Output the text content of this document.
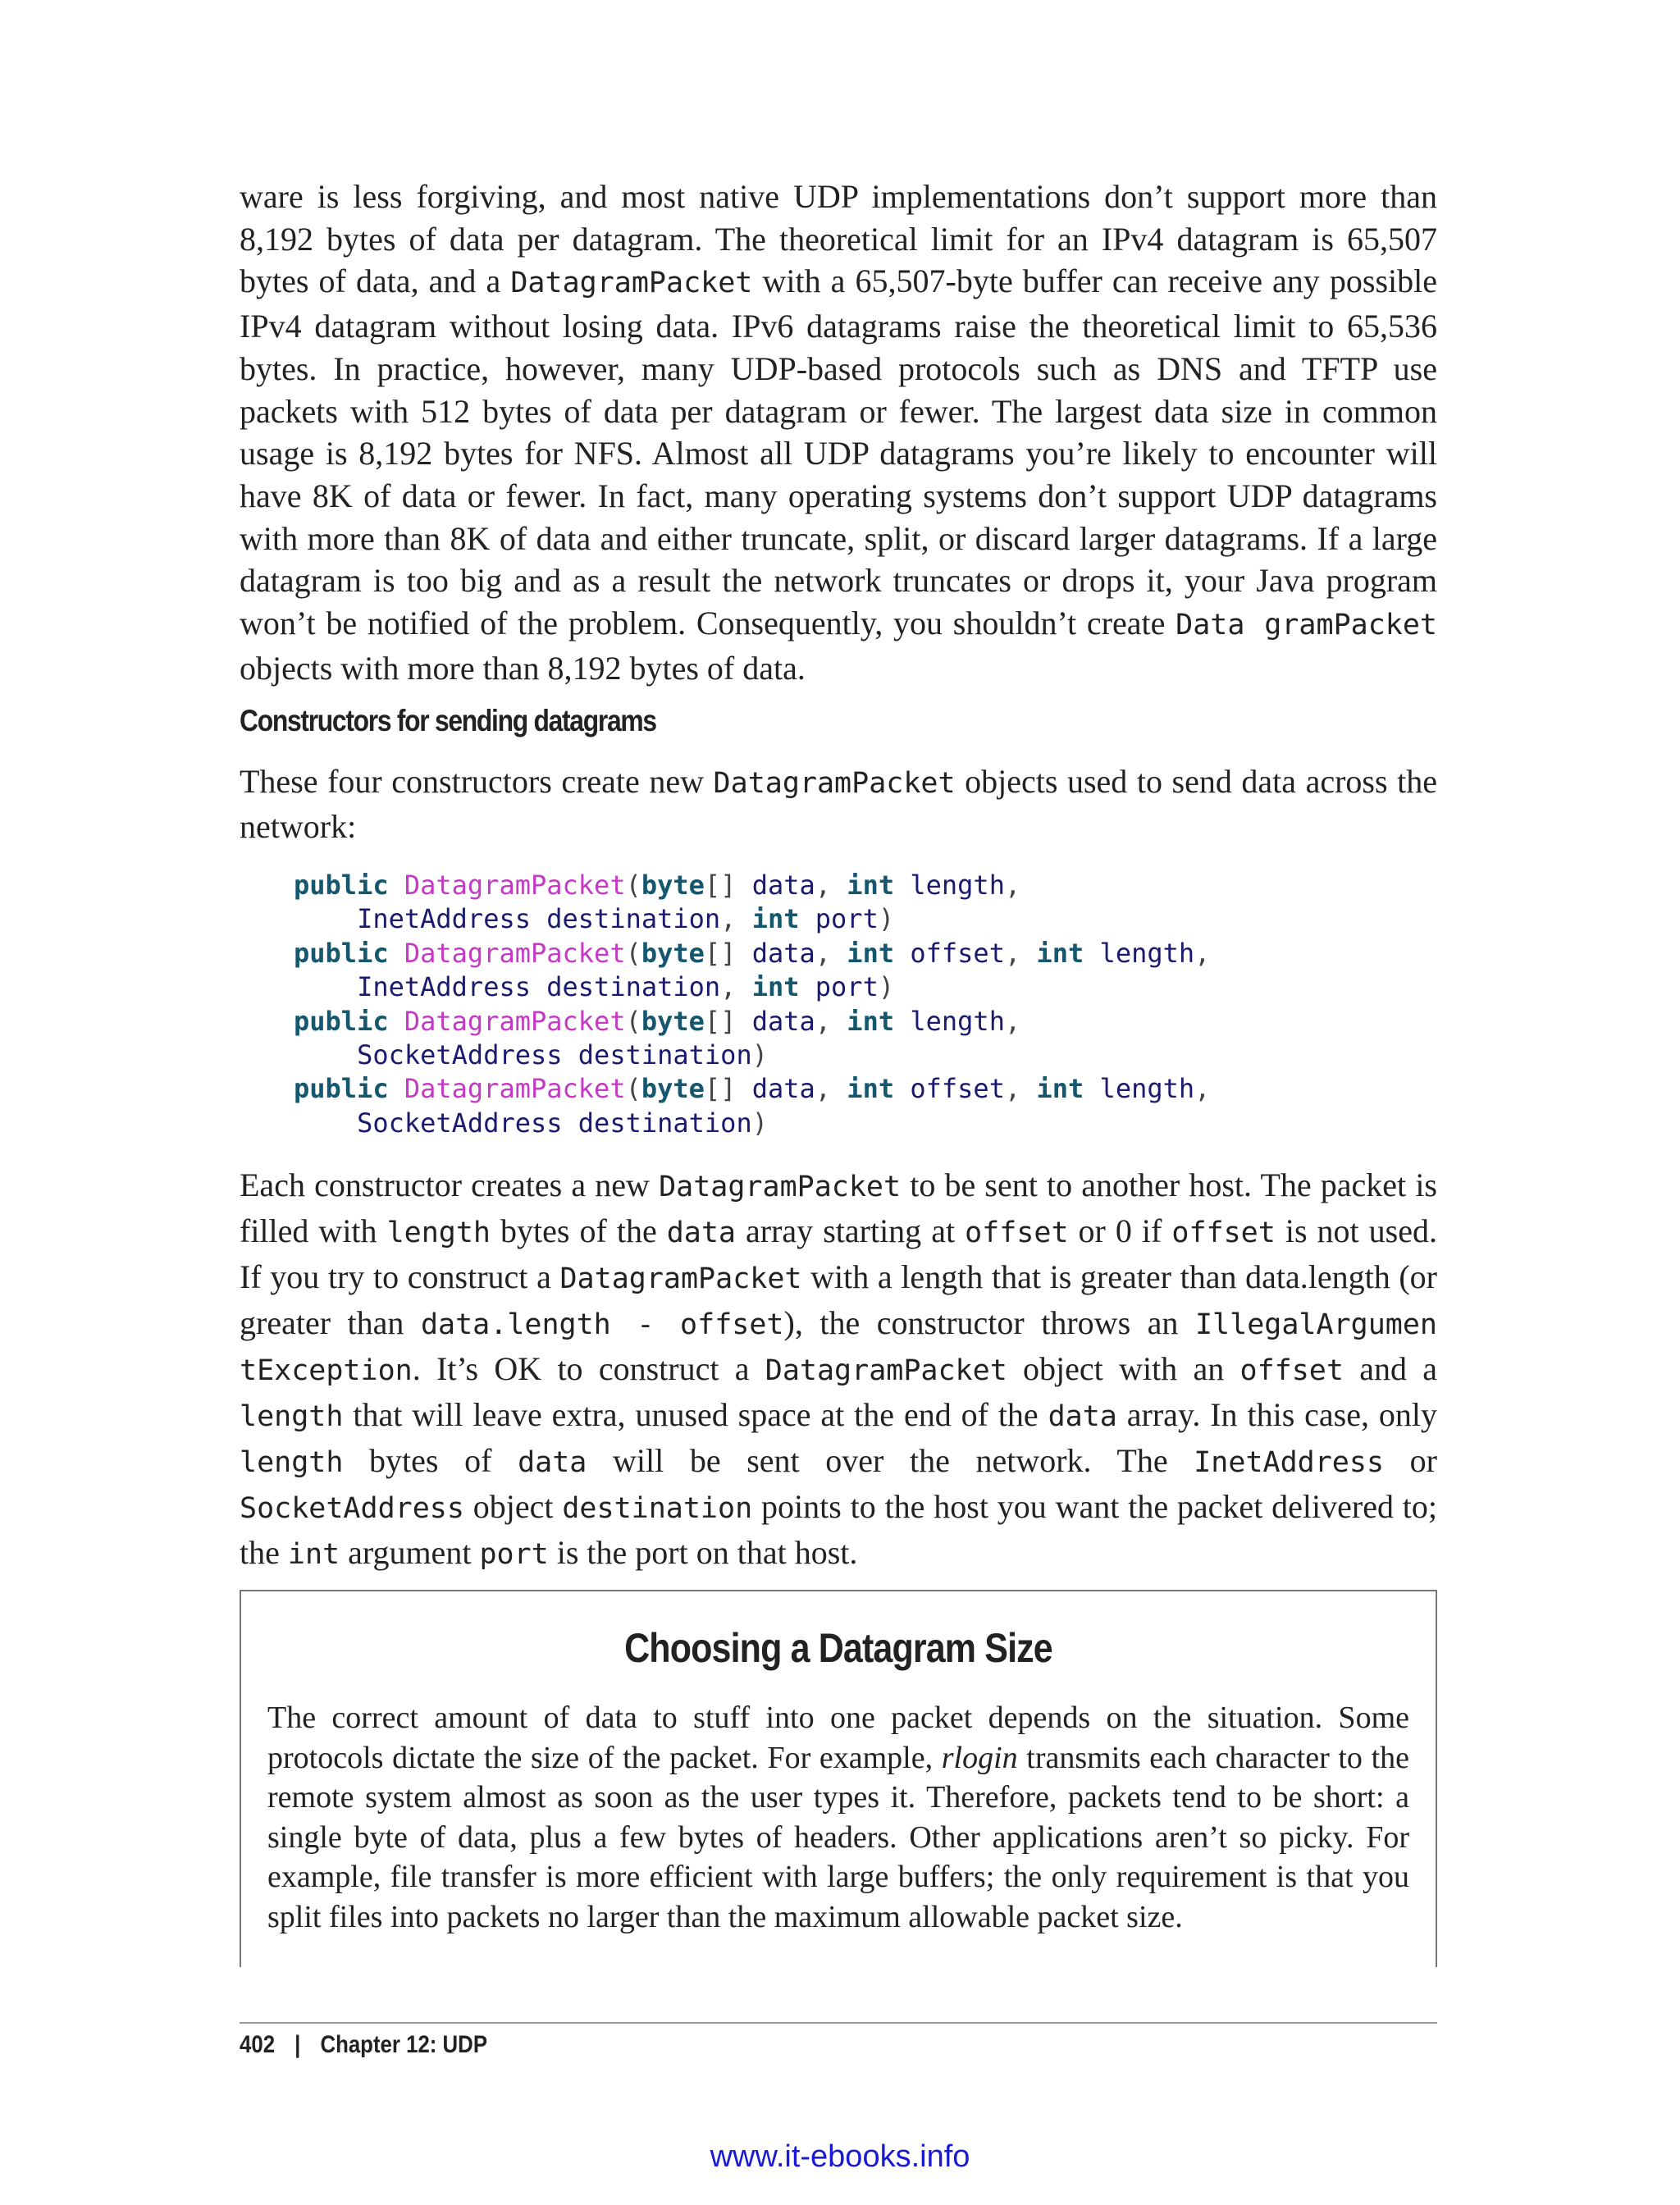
ware is less forgiving, and most native UDP implementations don’t support more than 8,192 bytes of data per datagram. The theoretical limit for an IPv4 datagram is 65,507 bytes of data, and a DatagramPacket with a 65,507-byte buffer can receive any possible IPv4 datagram without losing data. IPv6 datagrams raise the theoretical limit to 65,536 bytes. In practice, however, many UDP-based protocols such as DNS and TFTP use packets with 512 bytes of data per datagram or fewer. The largest data size in common usage is 8,192 bytes for NFS. Almost all UDP datagrams you’re likely to encounter will have 8K of data or fewer. In fact, many operating systems don’t support UDP datagrams with more than 8K of data and either truncate, split, or discard larger datagrams. If a large datagram is too big and as a result the network truncates or drops it, your Java program won’t be notified of the problem. Consequently, you shouldn’t create Data gramPacket objects with more than 8,192 bytes of data.

Constructors for sending datagrams

These four constructors create new DatagramPacket objects used to send data across the network:

public DatagramPacket(byte[] data, int length,
InetAddress destination, int port)
public DatagramPacket(byte[] data, int offset, int length,
InetAddress destination, int port)
public DatagramPacket(byte[] data, int length,
SocketAddress destination)
public DatagramPacket(byte[] data, int offset, int length,
SocketAddress destination)

Each constructor creates a new DatagramPacket to be sent to another host. The packet is filled with length bytes of the data array starting at offset or 0 if offset is not used. If you try to construct a DatagramPacket with a length that is greater than data.length (or greater than data.length - offset), the constructor throws an IllegalArgumen tException. It’s OK to construct a DatagramPacket object with an offset and a length that will leave extra, unused space at the end of the data array. In this case, only length bytes of data will be sent over the network. The InetAddress or SocketAddress object destination points to the host you want the packet delivered to; the int argument port is the port on that host.

Choosing a Datagram Size

The correct amount of data to stuff into one packet depends on the situation. Some protocols dictate the size of the packet. For example, rlogin transmits each character to the remote system almost as soon as the user types it. Therefore, packets tend to be short: a single byte of data, plus a few bytes of headers. Other applications aren’t so picky. For example, file transfer is more efficient with large buffers; the only requirement is that you split files into packets no larger than the maximum allowable packet size.

402 | Chapter 12: UDP
www.it-ebooks.info
